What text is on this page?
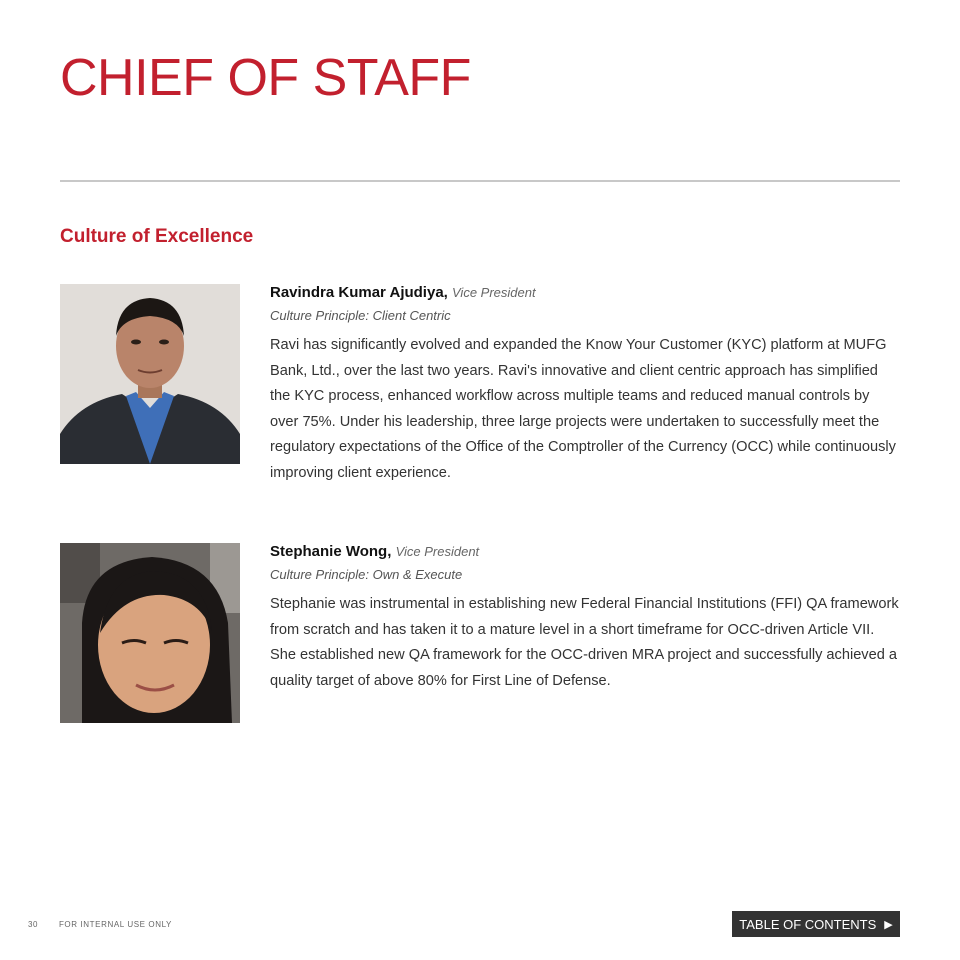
CHIEF OF STAFF
Culture of Excellence

Ravindra Kumar Ajudiya, Vice President

Culture Principle: Client Centric

Ravi has significantly evolved and expanded the Know Your Customer (KYC) platform at MUFG Bank, Ltd., over the last two years. Ravi's innovative and client centric approach has simplified the KYC process, enhanced workflow across multiple teams and reduced manual controls by over 75%. Under his leadership, three large projects were undertaken to successfully meet the regulatory expectations of the Office of the Comptroller of the Currency (OCC) while continuously improving client experience.

Stephanie Wong, Vice President

Culture Principle: Own & Execute

Stephanie was instrumental in establishing new Federal Financial Institutions (FFI) QA framework from scratch and has taken it to a mature level in a short timeframe for OCC-driven Article VII. She established new QA framework for the OCC-driven MRA project and successfully achieved a quality target of above 80% for First Line of Defense.

30	FOR INTERNAL USE ONLY	TABLE OF CONTENTS ▶
